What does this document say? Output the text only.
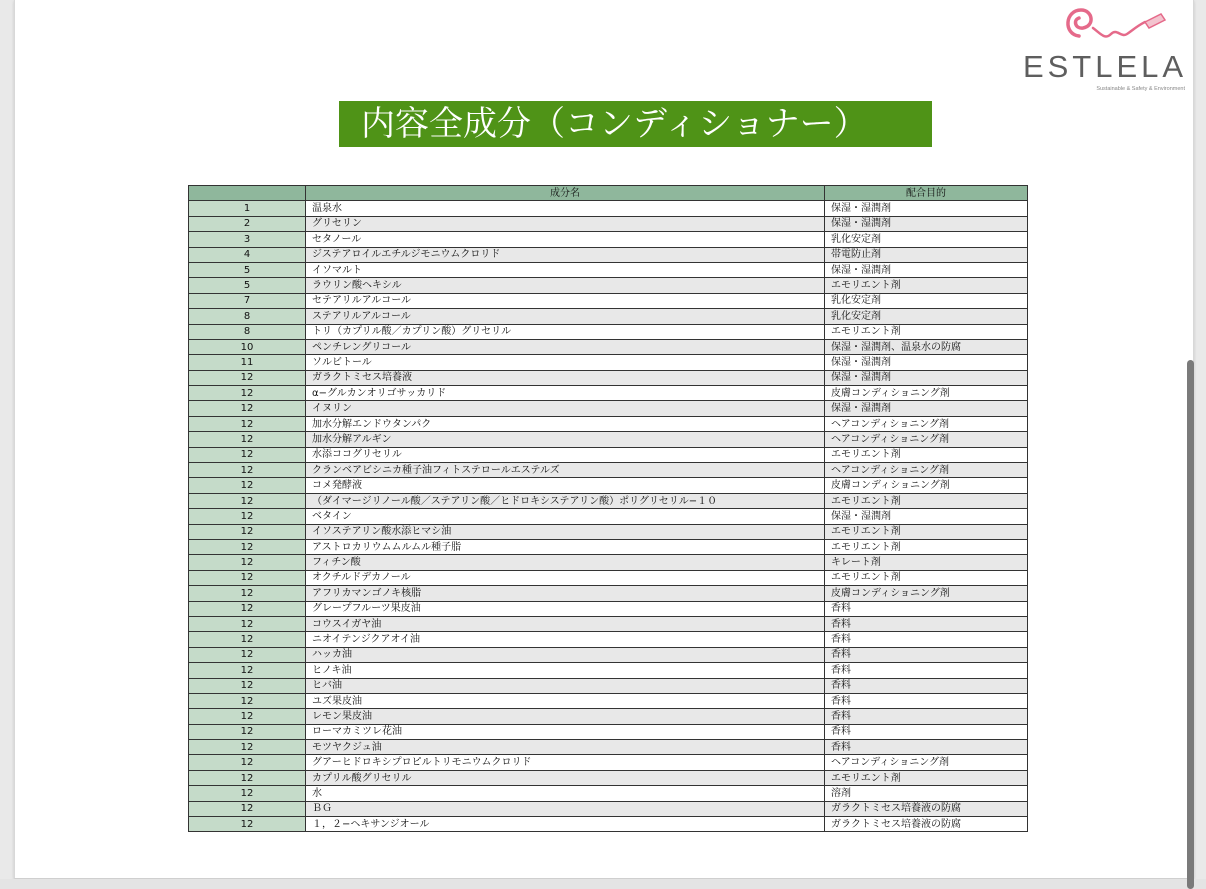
ESTLELA
Sustainable & Safety & Environment
内容全成分（コンディショナー）
	成分名	配合目的
1	温泉水	保湿・湿潤剤
2	グリセリン	保湿・湿潤剤
3	セタノール	乳化安定剤
4	ジステアロイルエチルジモニウムクロリド	帯電防止剤
5	イソマルト	保湿・湿潤剤
5	ラウリン酸ヘキシル	エモリエント剤
7	セテアリルアルコール	乳化安定剤
8	ステアリルアルコール	乳化安定剤
8	トリ（カプリル酸／カプリン酸）グリセリル	エモリエント剤
10	ペンチレングリコール	保湿・湿潤剤、温泉水の防腐
11	ソルビトール	保湿・湿潤剤
12	ガラクトミセス培養液	保湿・湿潤剤
12	α−グルカンオリゴサッカリド	皮膚コンディショニング剤
12	イヌリン	保湿・湿潤剤
12	加水分解エンドウタンパク	ヘアコンディショニング剤
12	加水分解アルギン	ヘアコンディショニング剤
12	水添ココグリセリル	エモリエント剤
12	クランベアビシニカ種子油フィトステロールエステルズ	ヘアコンディショニング剤
12	コメ発酵液	皮膚コンディショニング剤
12	（ダイマージリノール酸／ステアリン酸／ヒドロキシステアリン酸）ポリグリセリル−１０	エモリエント剤
12	ベタイン	保湿・湿潤剤
12	イソステアリン酸水添ヒマシ油	エモリエント剤
12	アストロカリウムムルムル種子脂	エモリエント剤
12	フィチン酸	キレート剤
12	オクチルドデカノール	エモリエント剤
12	アフリカマンゴノキ核脂	皮膚コンディショニング剤
12	グレープフルーツ果皮油	香料
12	コウスイガヤ油	香料
12	ニオイテンジクアオイ油	香料
12	ハッカ油	香料
12	ヒノキ油	香料
12	ヒバ油	香料
12	ユズ果皮油	香料
12	レモン果皮油	香料
12	ローマカミツレ花油	香料
12	モツヤクジュ油	香料
12	グアーヒドロキシプロピルトリモニウムクロリド	ヘアコンディショニング剤
12	カプリル酸グリセリル	エモリエント剤
12	水	溶剤
12	ＢＧ	ガラクトミセス培養液の防腐
12	１，２−ヘキサンジオール	ガラクトミセス培養液の防腐
